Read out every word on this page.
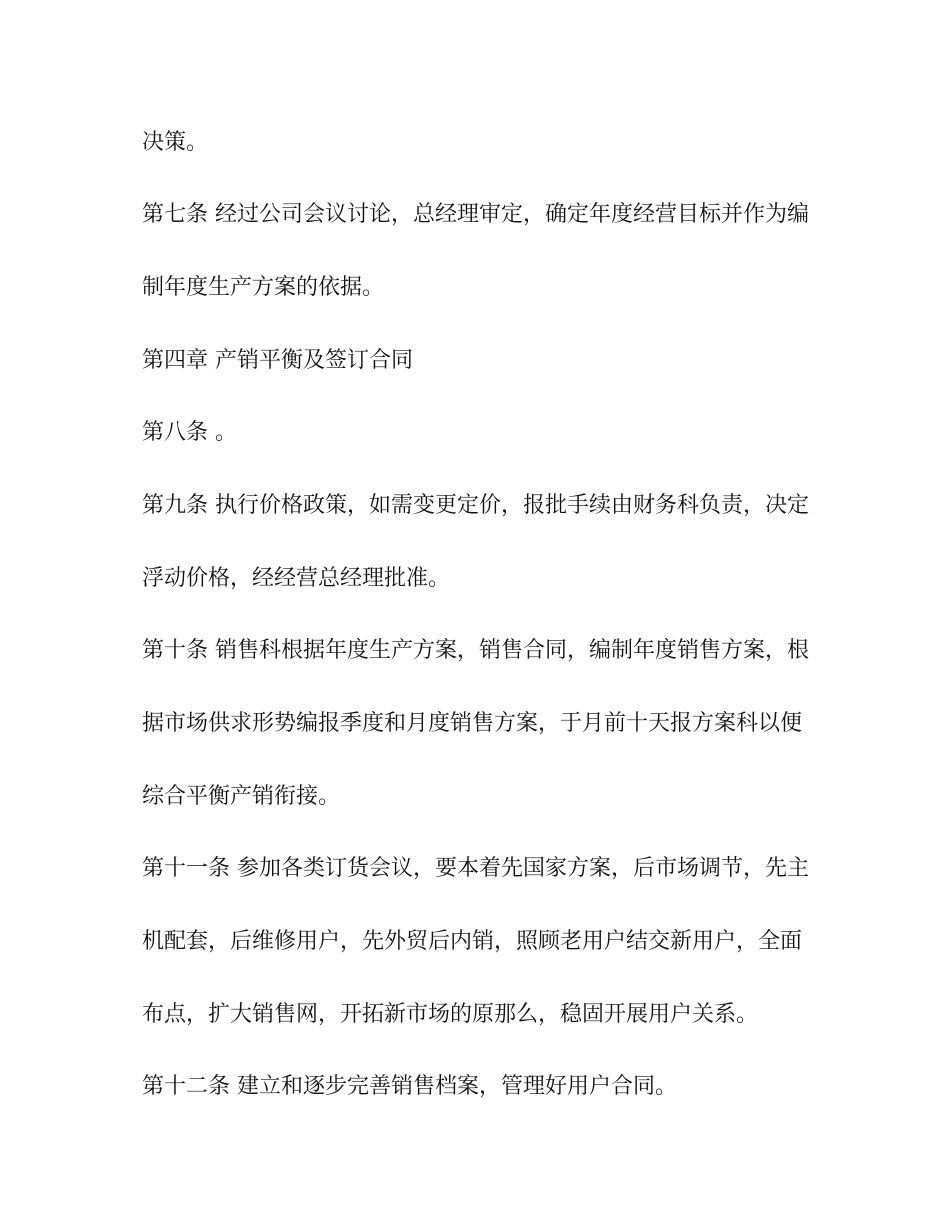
决策。

第七条 经过公司会议讨论，总经理审定，确定年度经营目标并作为编

制年度生产方案的依据。

第四章 产销平衡及签订合同

第八条 。

第九条 执行价格政策，如需变更定价，报批手续由财务科负责，决定

浮动价格，经经营总经理批准。

第十条 销售科根据年度生产方案，销售合同，编制年度销售方案，根

据市场供求形势编报季度和月度销售方案，于月前十天报方案科以便

综合平衡产销衔接。

第十一条 参加各类订货会议，要本着先国家方案，后市场调节，先主

机配套，后维修用户，先外贸后内销，照顾老用户结交新用户，全面

布点，扩大销售网，开拓新市场的原那么，稳固开展用户关系。

第十二条 建立和逐步完善销售档案，管理好用户合同。
